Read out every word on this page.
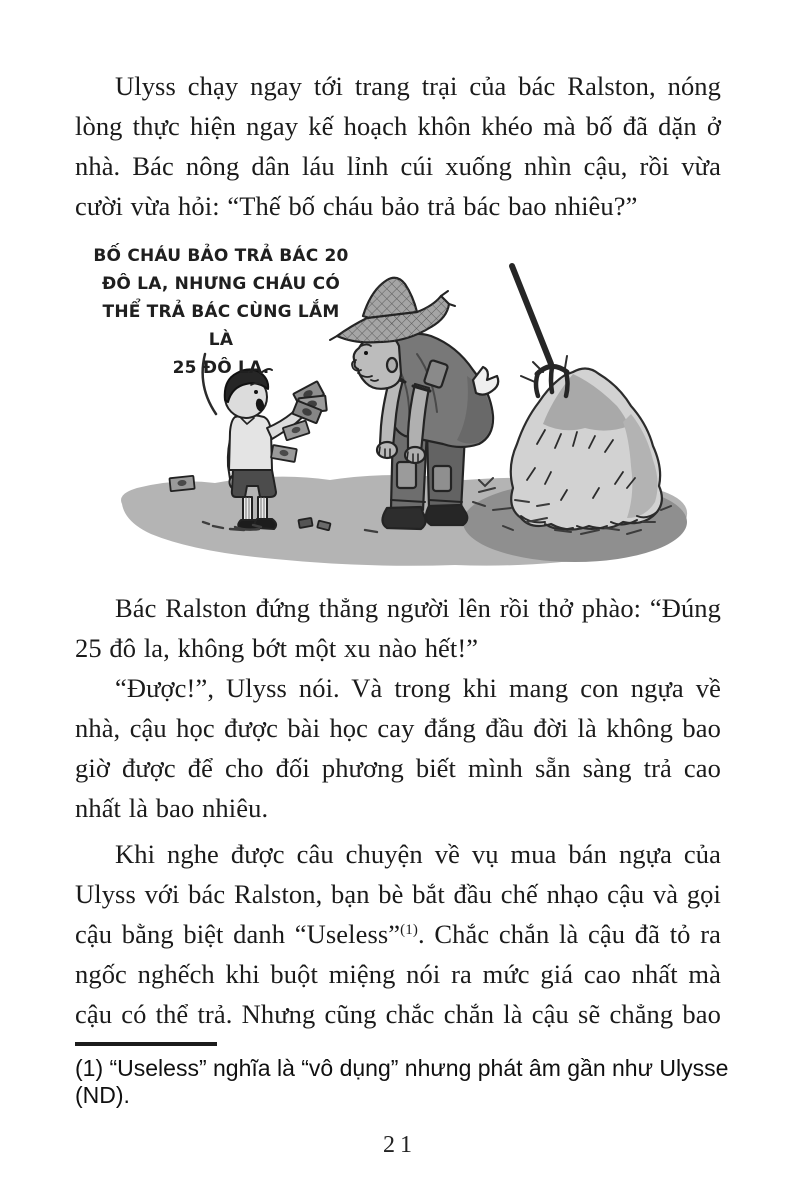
Ulyss chạy ngay tới trang trại của bác Ralston, nóng lòng thực hiện ngay kế hoạch khôn khéo mà bố đã dặn ở nhà. Bác nông dân láu lỉnh cúi xuống nhìn cậu, rồi vừa cười vừa hỏi: “Thế bố cháu bảo trả bác bao nhiêu?”

BỐ CHÁU BẢO TRẢ BÁC 20
ĐÔ LA, NHƯNG CHÁU CÓ
THỂ TRẢ BÁC CÙNG LẮM LÀ
25 ĐÔ LA.

Bác Ralston đứng thẳng người lên rồi thở phào: “Đúng 25 đô la, không bớt một xu nào hết!”

“Được!”, Ulyss nói. Và trong khi mang con ngựa về nhà, cậu học được bài học cay đắng đầu đời là không bao giờ được để cho đối phương biết mình sẵn sàng trả cao nhất là bao nhiêu.

Khi nghe được câu chuyện về vụ mua bán ngựa của Ulyss với bác Ralston, bạn bè bắt đầu chế nhạo cậu và gọi cậu bằng biệt danh “Useless”$^{(1)}$. Chắc chắn là cậu đã tỏ ra ngốc nghếch khi buột miệng nói ra mức giá cao nhất mà cậu có thể trả. Nhưng cũng chắc chắn là cậu sẽ chẳng bao

(1) “Useless” nghĩa là “vô dụng” nhưng phát âm gần như Ulysse (ND).
21
